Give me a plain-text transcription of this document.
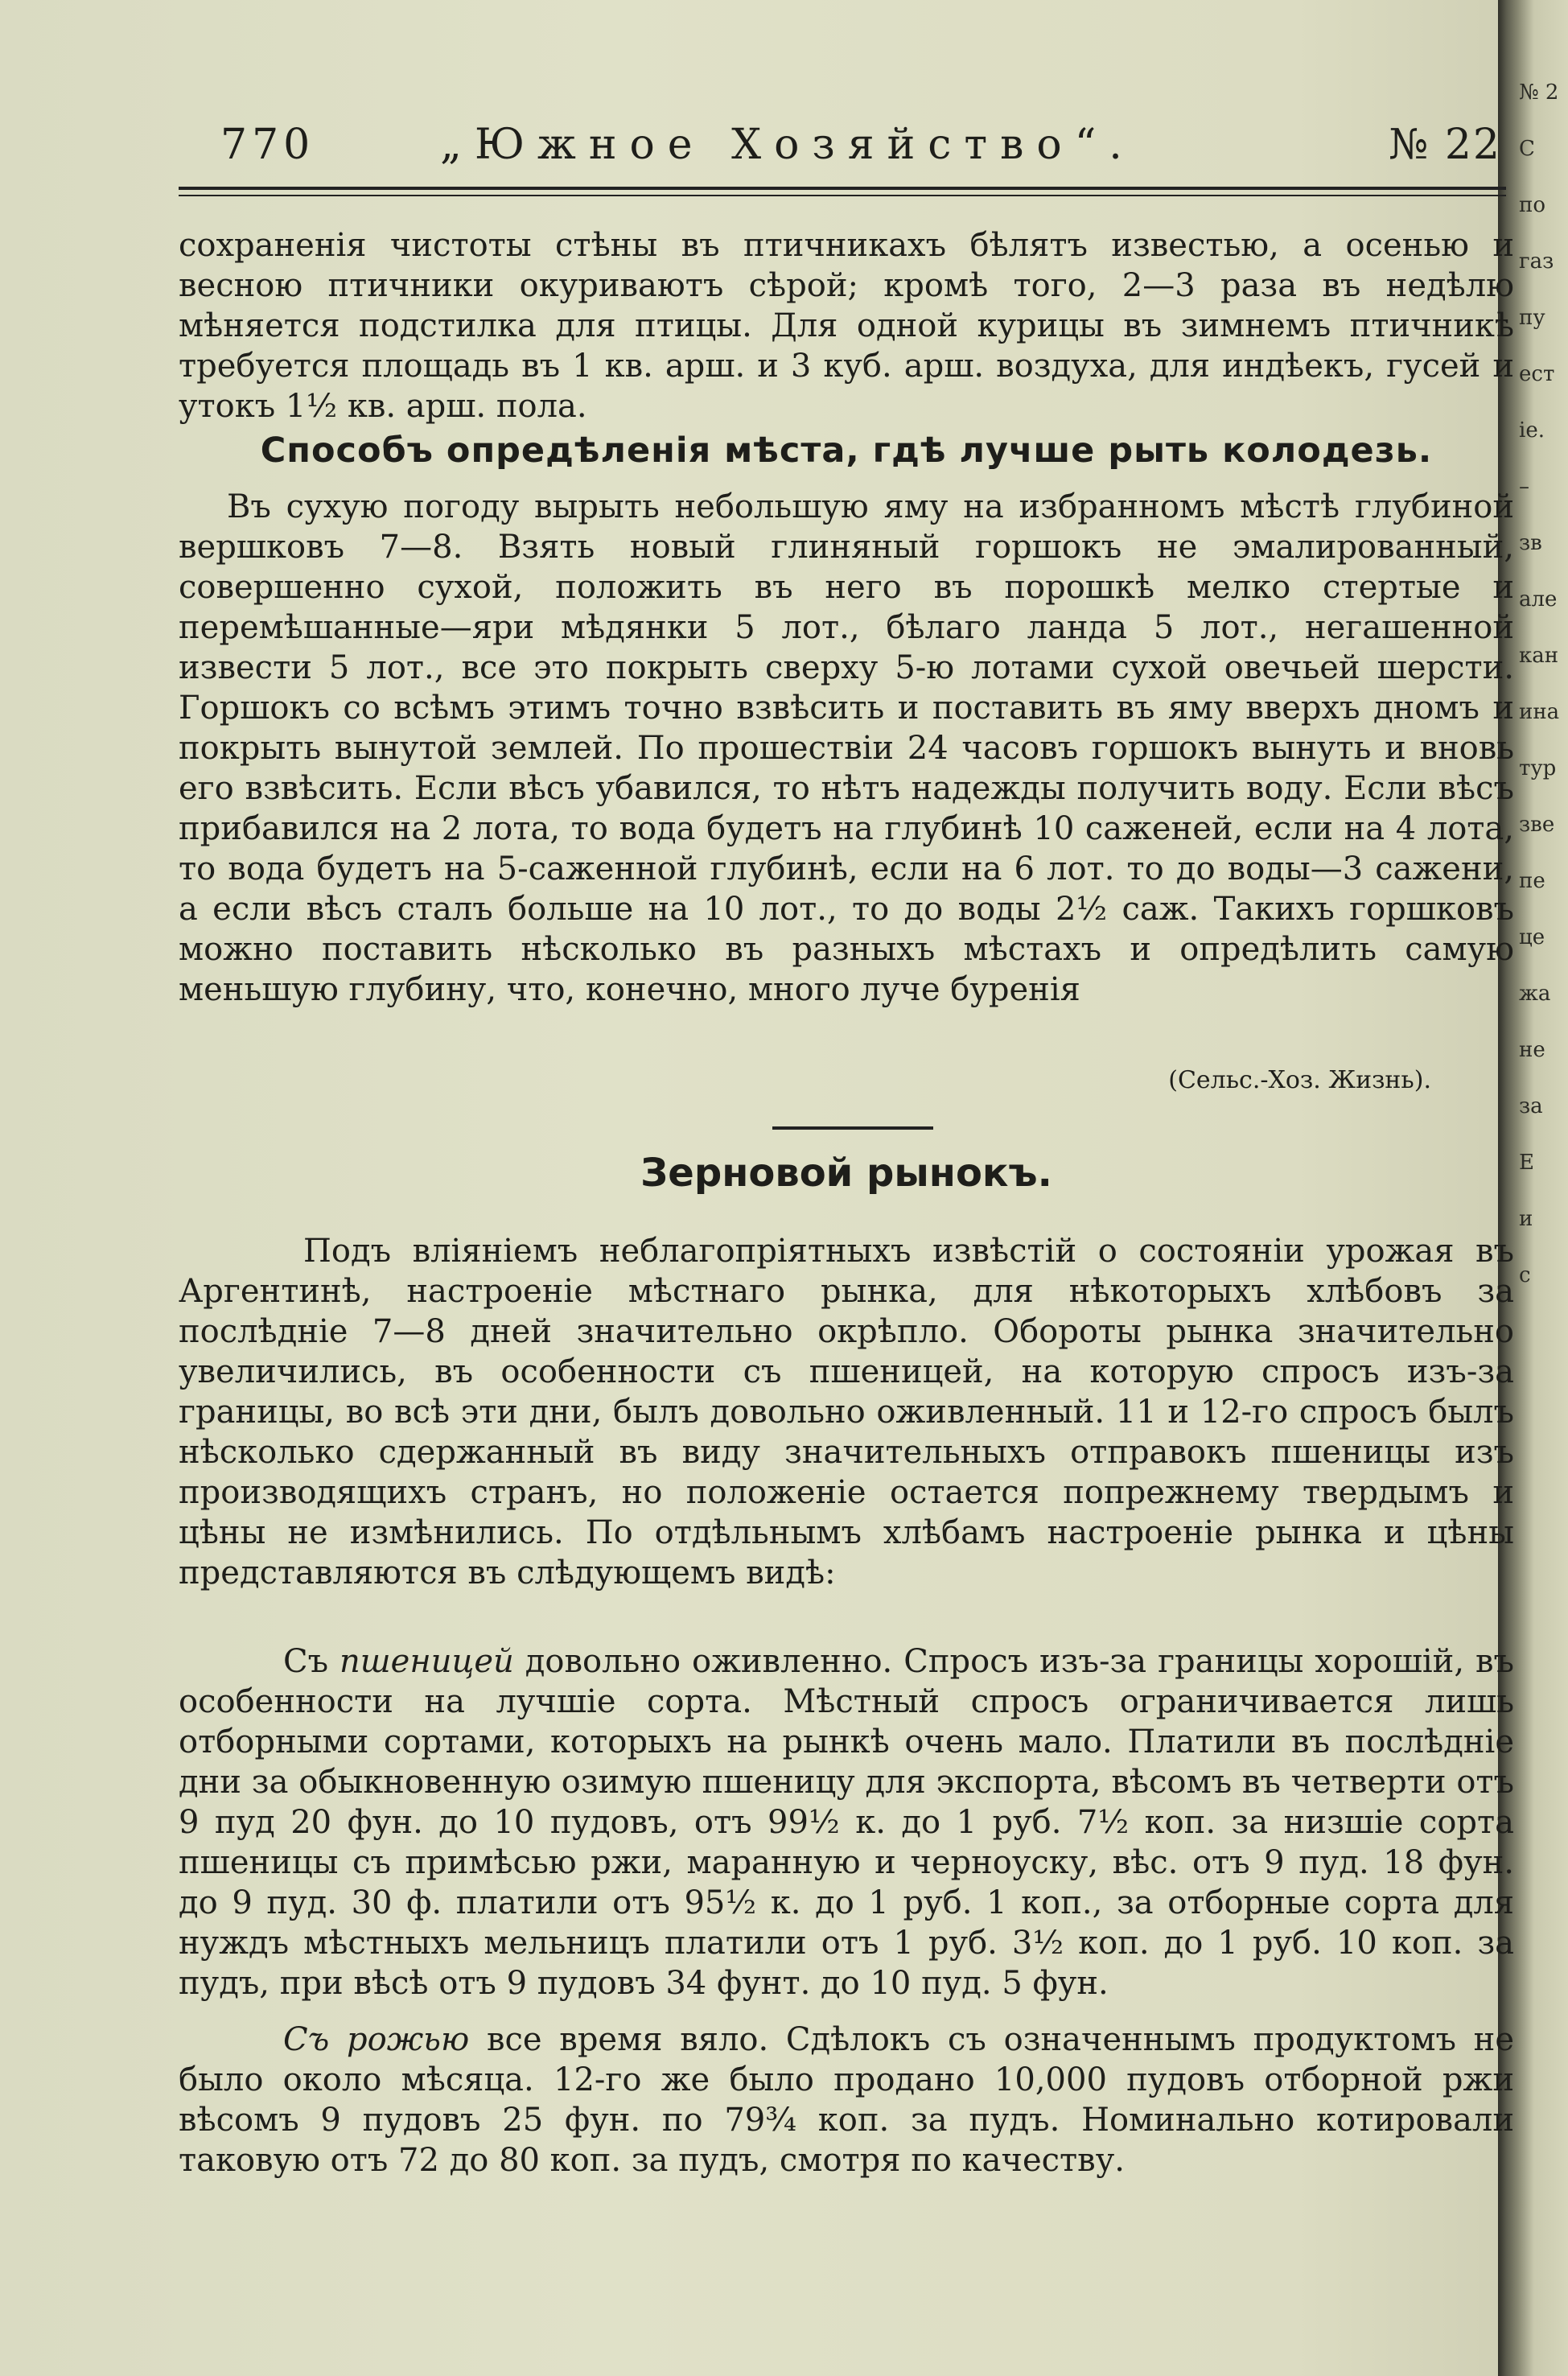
№ 2
С
по
газ
пу
ест
ie.
–
зв
але
кан
ина
тур
зве
пе
це
жа
не
за
Е
и
с
770	„Южное Хозяйство“.	№ 22

сохраненія чистоты стѣны въ птичникахъ бѣлятъ известью, а осенью и весною птичники окуриваютъ сѣрой; кромѣ того, 2—3 раза въ недѣлю мѣняется подстилка для птицы. Для одной курицы въ зимнемъ птичникѣ требуется площадь въ 1 кв. арш. и 3 куб. арш. воздуха, для индѣекъ, гусей и утокъ 1½ кв. арш. пола.

Способъ опредѣленія мѣста, гдѣ лучше рыть колодезь.

Въ сухую погоду вырыть небольшую яму на избранномъ мѣстѣ глубиной вершковъ 7—8. Взять новый глиняный горшокъ не эмалированный, совершенно сухой, положить въ него въ порошкѣ мелко стертые и перемѣшанные—яри мѣдянки 5 лот., бѣлаго ланда 5 лот., негашенной извести 5 лот., все это покрыть сверху 5-ю лотами сухой овечьей шерсти. Горшокъ со всѣмъ этимъ точно взвѣсить и поставить въ яму вверхъ дномъ и покрыть вынутой землей. По прошествіи 24 часовъ горшокъ вынуть и вновь его взвѣсить. Если вѣсъ убавился, то нѣтъ надежды получить воду. Если вѣсъ прибавился на 2 лота, то вода будетъ на глубинѣ 10 саженей, если на 4 лота, то вода будетъ на 5-саженной глубинѣ, если на 6 лот. то до воды—3 сажени, а если вѣсъ сталъ больше на 10 лот., то до воды 2½ саж. Такихъ горшковъ можно поставить нѣсколько въ разныхъ мѣстахъ и опредѣлить самую меньшую глубину, что, конечно, много луче буренія

(Сельс.-Хоз. Жизнь).
Зерновой рынокъ.

Подъ вліяніемъ неблагопріятныхъ извѣстій о состояніи урожая въ Аргентинѣ, настроеніе мѣстнаго рынка, для нѣкоторыхъ хлѣбовъ за послѣдніе 7—8 дней значительно окрѣпло. Обороты рынка значительно увеличились, въ особенности съ пшеницей, на которую спросъ изъ-за границы, во всѣ эти дни, былъ довольно оживленный. 11 и 12-го спросъ былъ нѣсколько сдержанный въ виду значительныхъ отправокъ пшеницы изъ производящихъ странъ, но положеніе остается попрежнему твердымъ и цѣны не измѣнились. По отдѣльнымъ хлѣбамъ настроеніе рынка и цѣны представляются въ слѣдующемъ видѣ:

Съ пшеницей довольно оживленно. Спросъ изъ-за границы хорошій, въ особенности на лучшіе сорта. Мѣстный спросъ ограничивается лишь отборными сортами, которыхъ на рынкѣ очень мало. Платили въ послѣдніе дни за обыкновенную озимую пшеницу для экспорта, вѣсомъ въ четверти отъ 9 пуд 20 фун. до 10 пудовъ, отъ 99½ к. до 1 руб. 7½ коп. за низшіе сорта пшеницы съ примѣсью ржи, маранную и черноуску, вѣс. отъ 9 пуд. 18 фун. до 9 пуд. 30 ф. платили отъ 95½ к. до 1 руб. 1 коп., за отборные сорта для нуждъ мѣстныхъ мельницъ платили отъ 1 руб. 3½ коп. до 1 руб. 10 коп. за пудъ, при вѣсѣ отъ 9 пудовъ 34 фунт. до 10 пуд. 5 фун.

Съ рожью все время вяло. Сдѣлокъ съ означеннымъ продуктомъ не было около мѣсяца. 12-го же было продано 10,000 пудовъ отборной ржи вѣсомъ 9 пудовъ 25 фун. по 79¾ коп. за пудъ. Номинально котировали таковую отъ 72 до 80 коп. за пудъ, смотря по качеству.
